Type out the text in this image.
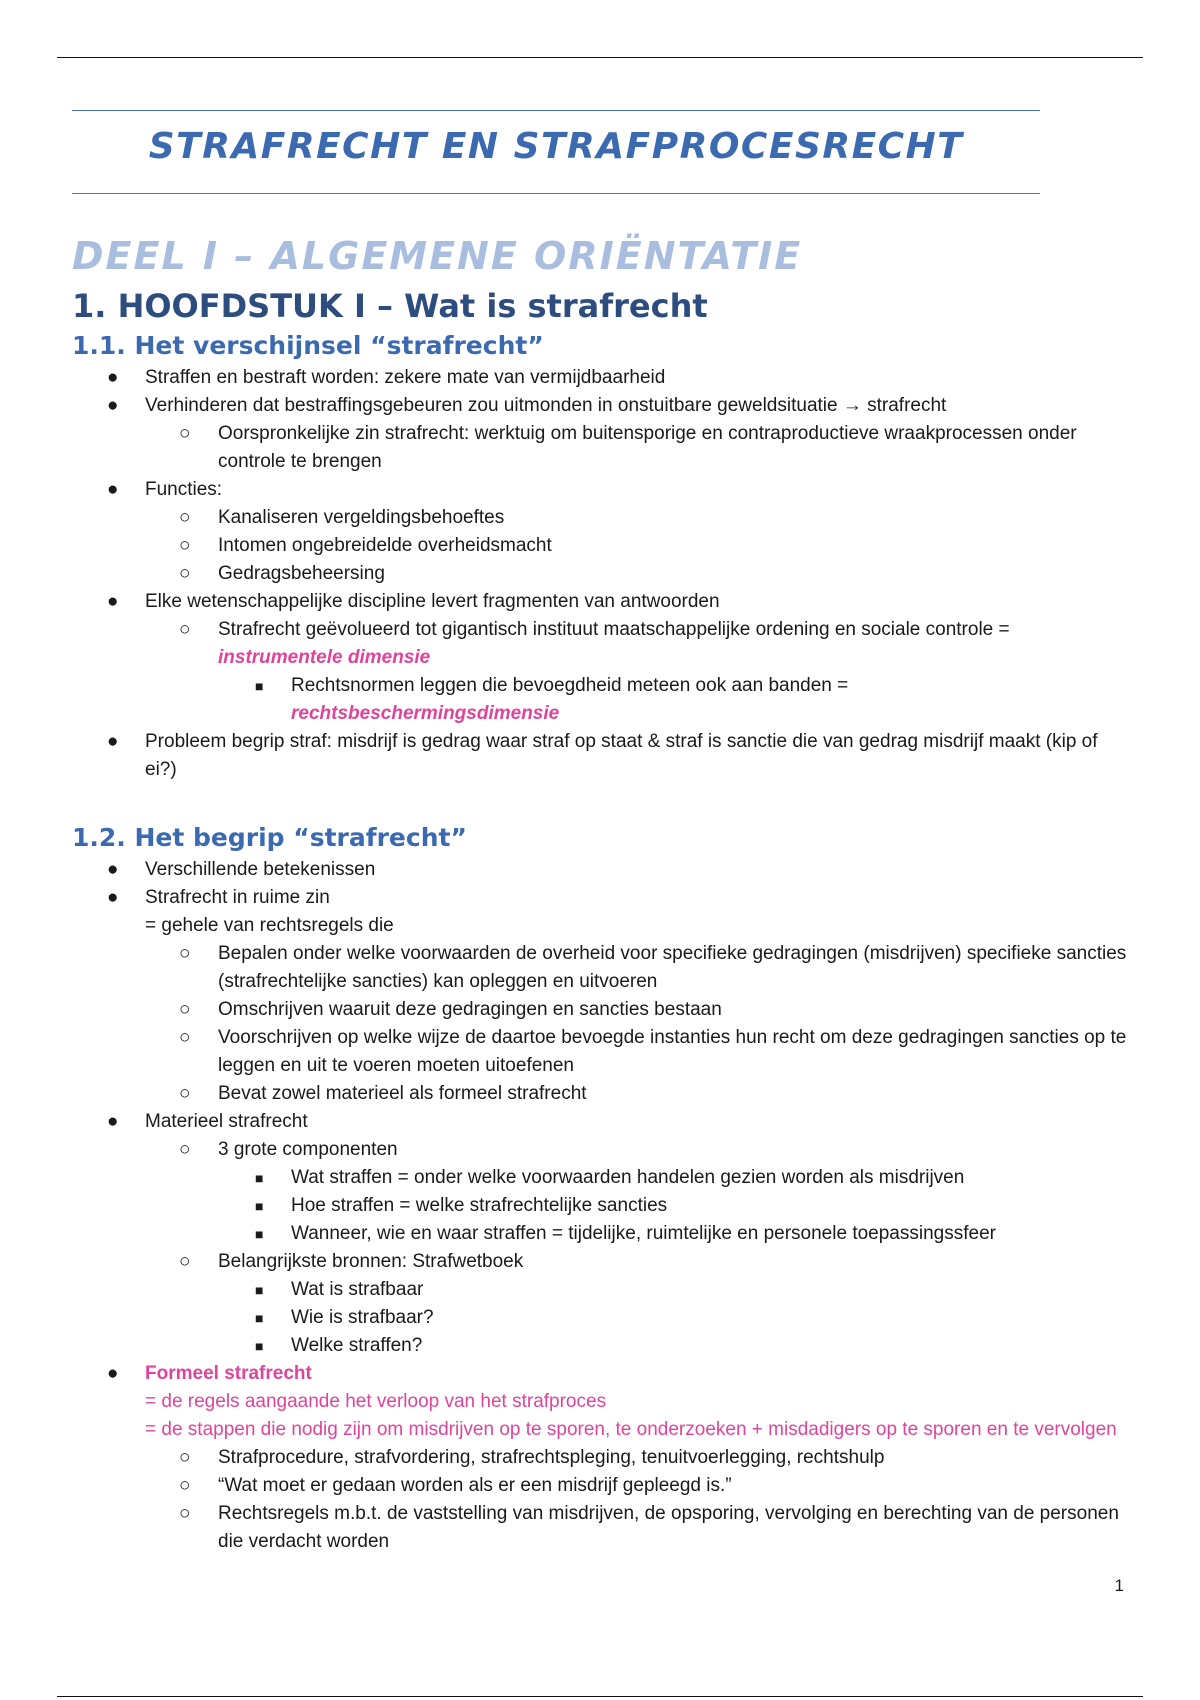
STRAFRECHT EN STRAFPROCESRECHT
DEEL I – ALGEMENE ORIËNTATIE
1. HOOFDSTUK I – Wat is strafrecht
1.1. Het verschijnsel “strafrecht”
● Straffen en bestraft worden: zekere mate van vermijdbaarheid
● Verhinderen dat bestraffingsgebeuren zou uitmonden in onstuitbare geweldsituatie → strafrecht
○ Oorspronkelijke zin strafrecht: werktuig om buitensporige en contraproductieve wraakprocessen onder controle te brengen
● Functies:
○ Kanaliseren vergeldingsbehoeftes
○ Intomen ongebreidelde overheidsmacht
○ Gedragsbeheersing
● Elke wetenschappelijke discipline levert fragmenten van antwoorden
○ Strafrecht geëvolueerd tot gigantisch instituut maatschappelijke ordening en sociale controle =
instrumentele dimensie
■ Rechtsnormen leggen die bevoegdheid meteen ook aan banden =
rechtsbeschermingsdimensie
● Probleem begrip straf: misdrijf is gedrag waar straf op staat & straf is sanctie die van gedrag misdrijf maakt (kip of ei?)
1.2. Het begrip “strafrecht”
● Verschillende betekenissen
● Strafrecht in ruime zin
= gehele van rechtsregels die
○ Bepalen onder welke voorwaarden de overheid voor specifieke gedragingen (misdrijven) specifieke sancties (strafrechtelijke sancties) kan opleggen en uitvoeren
○ Omschrijven waaruit deze gedragingen en sancties bestaan
○ Voorschrijven op welke wijze de daartoe bevoegde instanties hun recht om deze gedragingen sancties op te leggen en uit te voeren moeten uitoefenen
○ Bevat zowel materieel als formeel strafrecht
● Materieel strafrecht
○ 3 grote componenten
■ Wat straffen = onder welke voorwaarden handelen gezien worden als misdrijven
■ Hoe straffen = welke strafrechtelijke sancties
■ Wanneer, wie en waar straffen = tijdelijke, ruimtelijke en personele toepassingssfeer
○ Belangrijkste bronnen: Strafwetboek
■ Wat is strafbaar
■ Wie is strafbaar?
■ Welke straffen?
● Formeel strafrecht
= de regels aangaande het verloop van het strafproces
= de stappen die nodig zijn om misdrijven op te sporen, te onderzoeken + misdadigers op te sporen en te vervolgen
○ Strafprocedure, strafvordering, strafrechtspleging, tenuitvoerlegging, rechtshulp
○ “Wat moet er gedaan worden als er een misdrijf gepleegd is.”
○ Rechtsregels m.b.t. de vaststelling van misdrijven, de opsporing, vervolging en berechting van de personen die verdacht worden
1
